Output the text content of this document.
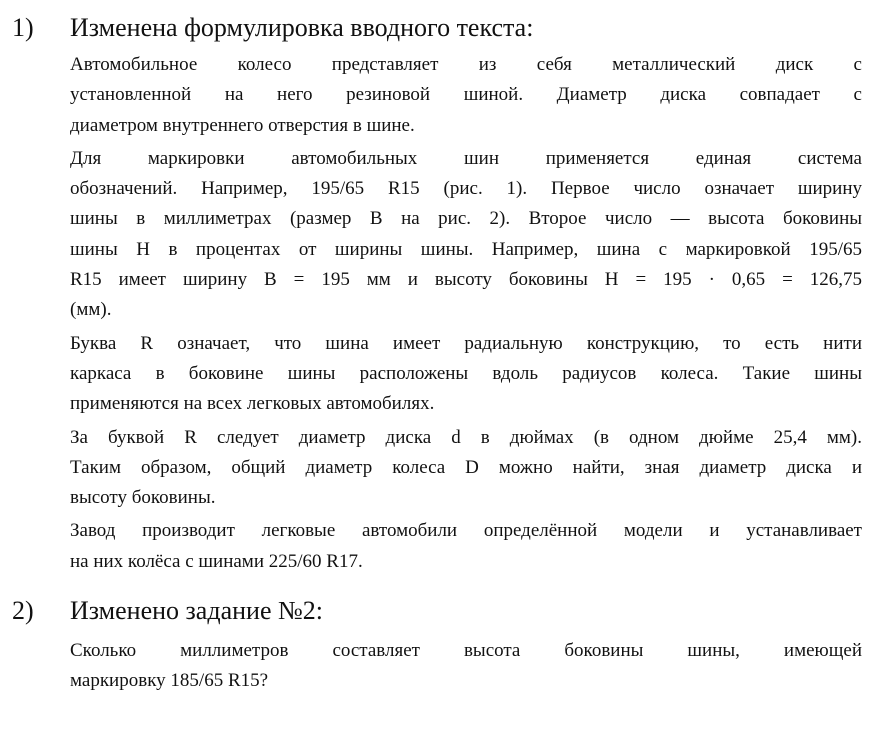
1) Изменена формулировка вводного текста:
Автомобильное колесо представляет из себя металлический диск с
установленной на него резиновой шиной. Диаметр диска совпадает с
диаметром внутреннего отверстия в шине.
Для маркировки автомобильных шин применяется единая система
обозначений. Например, 195/65 R15 (рис. 1). Первое число означает ширину
шины в миллиметрах (размер B на рис. 2). Второе число — высота боковины
шины H в процентах от ширины шины. Например, шина с маркировкой 195/65
R15 имеет ширину B = 195 мм и высоту боковины H = 195 · 0,65 = 126,75
(мм).
Буква R означает, что шина имеет радиальную конструкцию, то есть нити
каркаса в боковине шины расположены вдоль радиусов колеса. Такие шины
применяются на всех легковых автомобилях.
За буквой R следует диаметр диска d в дюймах (в одном дюйме 25,4 мм).
Таким образом, общий диаметр колеса D можно найти, зная диаметр диска и
высоту боковины.
Завод производит легковые автомобили определённой модели и устанавливает
на них колёса с шинами 225/60 R17.
2) Изменено задание №2:
Сколько миллиметров составляет высота боковины шины, имеющей
маркировку 185/65 R15?
